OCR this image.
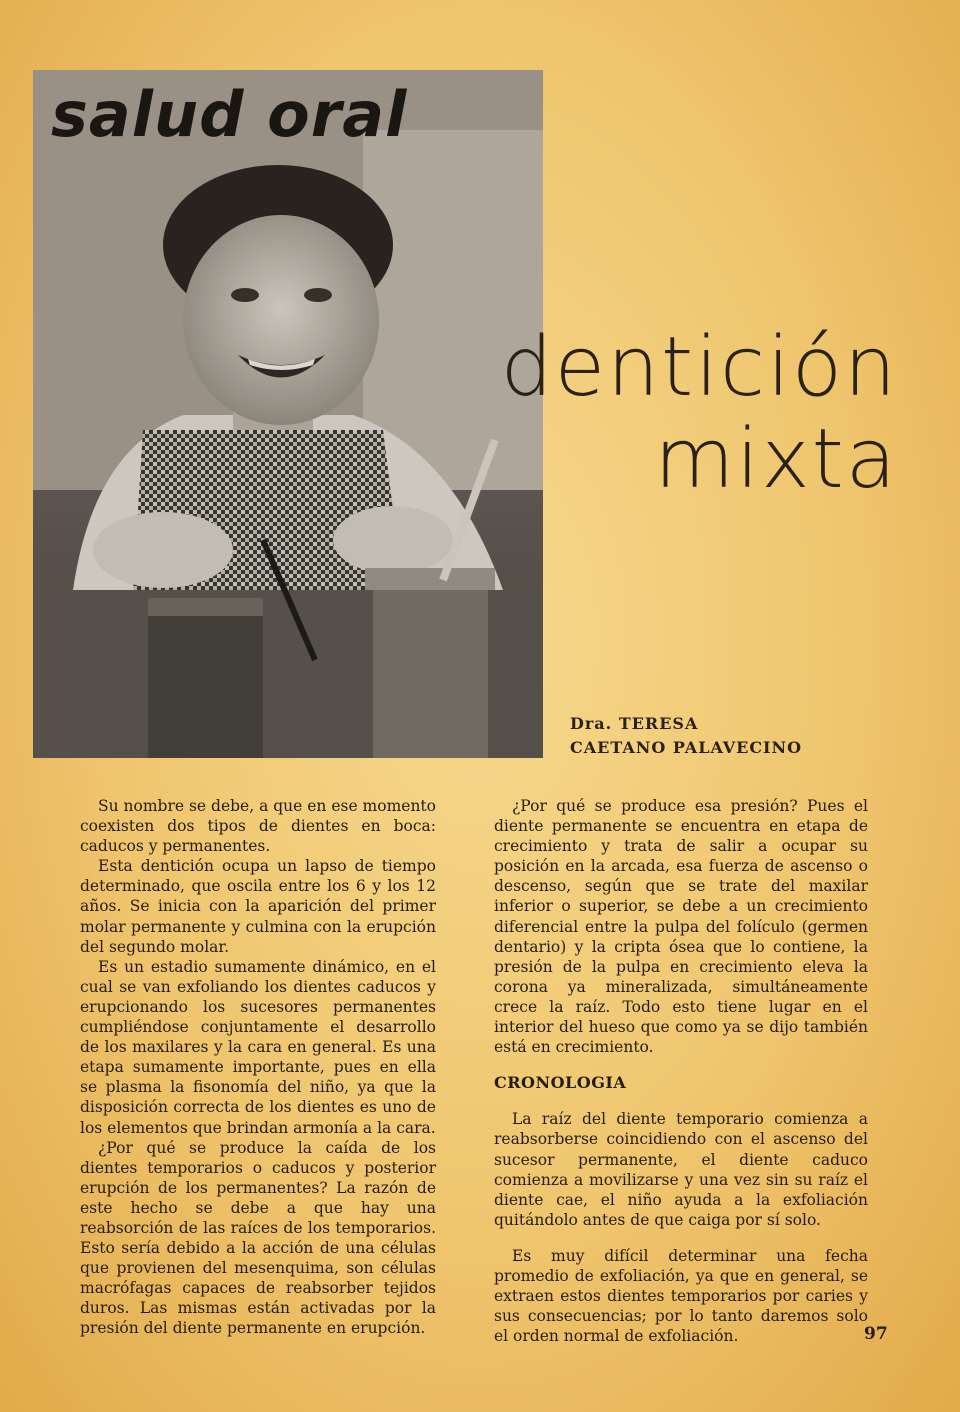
salud oral
dentición
mixta
Dra. TERESA
CAETANO PALAVECINO

Su nombre se debe, a que en ese momento coexisten dos tipos de dientes en boca: caducos y permanentes.

Esta dentición ocupa un lapso de tiempo determinado, que oscila entre los 6 y los 12 años. Se inicia con la aparición del primer molar permanente y culmina con la erupción del segundo molar.

Es un estadio sumamente dinámico, en el cual se van exfoliando los dientes caducos y erupcionando los sucesores permanentes cumpliéndose conjuntamente el desarrollo de los maxilares y la cara en general. Es una etapa sumamente importante, pues en ella se plasma la fisonomía del niño, ya que la disposición correcta de los dientes es uno de los elementos que brindan armonía a la cara.

¿Por qué se produce la caída de los dientes temporarios o caducos y posterior erupción de los permanentes? La razón de este hecho se debe a que hay una reabsorción de las raíces de los temporarios. Esto sería debido a la acción de una células que provienen del mesenquima, son células macrófagas capaces de reabsorber tejidos duros. Las mismas están activadas por la presión del diente permanente en erupción.

¿Por qué se produce esa presión? Pues el diente permanente se encuentra en etapa de crecimiento y trata de salir a ocupar su posición en la arcada, esa fuerza de ascenso o descenso, según que se trate del maxilar inferior o superior, se debe a un crecimiento diferencial entre la pulpa del folículo (germen dentario) y la cripta ósea que lo contiene, la presión de la pulpa en crecimiento eleva la corona ya mineralizada, simultáneamente crece la raíz. Todo esto tiene lugar en el interior del hueso que como ya se dijo también está en crecimiento.

CRONOLOGIA

La raíz del diente temporario comienza a reabsorberse coincidiendo con el ascenso del sucesor permanente, el diente caduco comienza a movilizarse y una vez sin su raíz el diente cae, el niño ayuda a la exfoliación quitándolo antes de que caiga por sí solo.

Es muy difícil determinar una fecha promedio de exfoliación, ya que en general, se extraen estos dientes temporarios por caries y sus consecuencias; por lo tanto daremos solo el orden normal de exfoliación.	97
